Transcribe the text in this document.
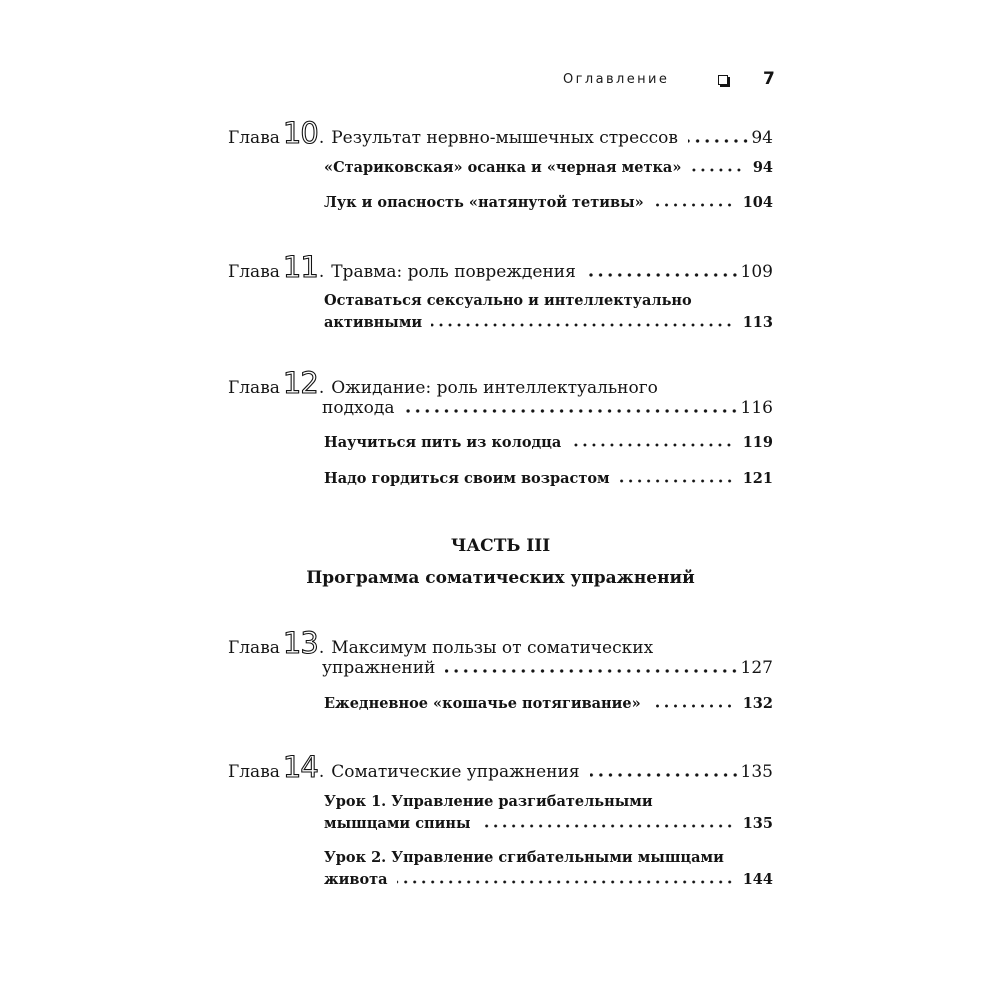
Оглавление	7
Глава 10 . Результат нервно-мышечных стрессов	94
«Стариковская» осанка и «черная метка»	94
Лук и опасность «натянутой тетивы»	104
Глава 11 . Травма: роль повреждения	109
Оставаться сексуально и интеллектуально
активными	113
Глава 12 . Ожидание: роль интеллектуального
подхода	116
Научиться пить из колодца	119
Надо гордиться своим возрастом	121
ЧАСТЬ III
Программа соматических упражнений
Глава 13 . Максимум пользы от соматических
упражнений	127
Ежедневное «кошачье потягивание»	132
Глава 14 . Соматические упражнения	135
Урок 1. Управление разгибательными
мышцами спины	135
Урок 2. Управление сгибательными мышцами
живота	144
